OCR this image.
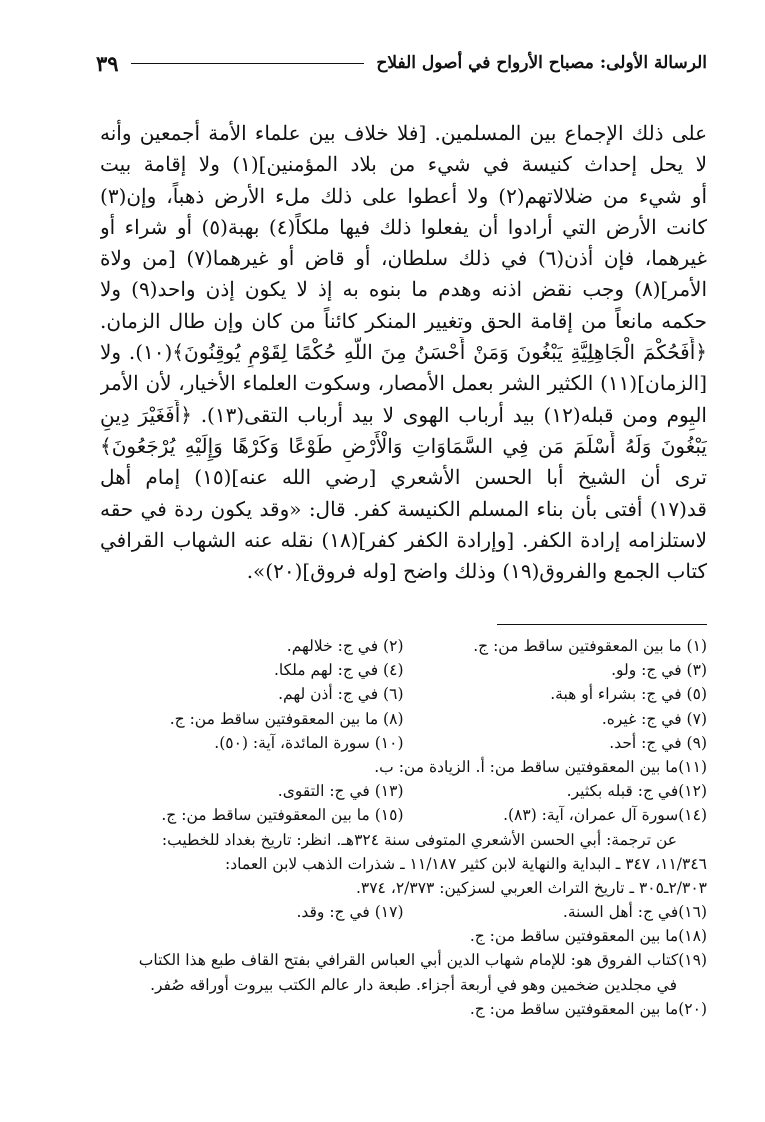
الرسالة الأولى: مصباح الأرواح في أصول الفلاح
٣٩
على ذلك الإجماع بين المسلمين. [فلا خلاف بين علماء الأمة أجمعين وأنه
لا يحل إحداث كنيسة في شيء من بلاد المؤمنين](١) ولا إقامة بيت
أو شيء من ضلالاتهم(٢) ولا أعطوا على ذلك ملء الأرض ذهباً، وإن(٣)
كانت الأرض التي أرادوا أن يفعلوا ذلك فيها ملكاً(٤) بهبة(٥) أو شراء أو
غيرهما، فإن أذن(٦) في ذلك سلطان، أو قاض أو غيرهما(٧) [من ولاة
الأمر](٨) وجب نقض اذنه وهدم ما بنوه به إذ لا يكون إذن واحد(٩) ولا
حكمه مانعاً من إقامة الحق وتغيير المنكر كائناً من كان وإن طال الزمان.
﴿أَفَحُكْمَ الْجَاهِلِيَّةِ يَبْغُونَ وَمَنْ أَحْسَنُ مِنَ اللَّهِ حُكْمًا لِقَوْمٍ يُوقِنُونَ﴾(١٠). ولا
[الزمان](١١) الكثير الشر بعمل الأمصار، وسكوت العلماء الأخيار، لأن الأمر
اليوم ومن قبله(١٢) بيد أرباب الهوى لا بيد أرباب التقى(١٣). ﴿أَفَغَيْرَ دِينِ
يَبْغُونَ وَلَهُ أَسْلَمَ مَن فِي السَّمَاوَاتِ وَالْأَرْضِ طَوْعًا وَكَرْهًا وَإِلَيْهِ يُرْجَعُونَ﴾
ترى أن الشيخ أبا الحسن الأشعري [رضي الله عنه](١٥) إمام أهل
قد(١٧) أفتى بأن بناء المسلم الكنيسة كفر. قال: «وقد يكون ردة في حقه
لاستلزامه إرادة الكفر. [وإرادة الكفر كفر](١٨) نقله عنه الشهاب القرافي
كتاب الجمع والفروق(١٩) وذلك واضح [وله فروق](٢٠)».
(١) ما بين المعقوفتين ساقط من: ج.
(٢) في ج: خلالهم.
(٣) في ج: ولو.
(٤) في ج: لهم ملكا.
(٥) في ج: بشراء أو هبة.
(٦) في ج: أذن لهم.
(٧) في ج: غيره.
(٨) ما بين المعقوفتين ساقط من: ج.
(٩) في ج: أحد.
(١٠) سورة المائدة، آية: (٥٠).
(١١)ما بين المعقوفتين ساقط من: أ. الزيادة من: ب.
(١٢)في ج: قبله بكثير.
(١٣) في ج: التقوى.
(١٤)سورة آل عمران، آية: (٨٣).
(١٥) ما بين المعقوفتين ساقط من: ج.
عن ترجمة: أبي الحسن الأشعري المتوفى سنة ٣٢٤هـ. انظر: تاريخ بغداد للخطيب:
١١/٣٤٦، ٣٤٧ ـ البداية والنهاية لابن كثير ١١/١٨٧ ـ شذرات الذهب لابن العماد:
٢/٣٠٣ـ٣٠٥ ـ تاريخ التراث العربي لسزكين: ٢/٣٧٣، ٣٧٤.
(١٦)في ج: أهل السنة.
(١٧) في ج: وقد.
(١٨)ما بين المعقوفتين ساقط من: ج.
(١٩)كتاب الفروق هو: للإمام شهاب الدين أبي العباس القرافي بفتح القاف طبع هذا الكتاب
في مجلدين ضخمين وهو في أربعة أجزاء. طبعة دار عالم الكتب بيروت أوراقه صُفر.
(٢٠)ما بين المعقوفتين ساقط من: ج.
